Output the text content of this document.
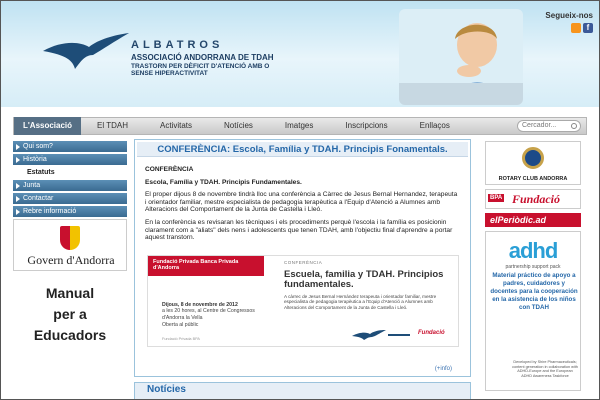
ALBATROS
ASSOCIACIÓ ANDORRANA DE TDAH
TRASTORN PER DÈFICIT D'ATENCIÓ AMB O SENSE HIPERACTIVITAT
Segueix-nos
f
L'Associació	El TDAH	Activitats	Notícies	Imatges	Inscripcions	Enllaços	Cercador...
Qui som?
Història
Estatuts
Junta
Contactar
Rebre informació
Govern d'Andorra
Manual
per a
Educadors
CONFERÈNCIA: Escola, Família y TDAH. Principis Fonamentals.

CONFERÈNCIA

Escola, Família y TDAH. Principis Fundamentales.

El proper dijous 8 de novembre tindrà lloc una conferència a Càrrec de Jesus Bernal Hernandez, terapeuta i orientador familiar, mestre especialista de pedagogia terapèutica a l'Equip d'Atenció a Alumnes amb Alteracions del Comportament de la Junta de Castella i Lleó.

En la conferència es revisaran les tècniques i els procediments perquè l'escola i la família es posicionin clarament com a "aliats" dels nens i adolescents que tenen TDAH, amb l'objectiu final d'aprendre a portar aquest transtorn.

Fundació Privada Banca Privada d'Andorra
CONFERÈNCIA
Escuela, familia y TDAH. Principios fundamentales.
A càrrec de Jesus Bernal Hernández terapeuta i orientador familiar, mestre especialista de pedagogia terapèutica a l'Equip d'Atenció a Alumnes amb Alteracions del Comportament de la Junta de Castella i Lleó.
Dijous, 8 de novembre de 2012
a les 20 hores, al Centre de Congressos d'Andorra la Vella
Oberta al públic
Fundació Privada BPA
Fundació
(+info)
Notícies
ROTARY CLUB ANDORRA
BPA Fundació
elPeriòdic.ad
adhd
partnership support pack
Material práctico de apoyo a padres, cuidadores y docentes para la cooperación en la asistencia de los niños con TDAH
Developed by Shire Pharmaceuticals; content generation in collaboration with ADHD-Europe and the European ADHD Awareness Taskforce
